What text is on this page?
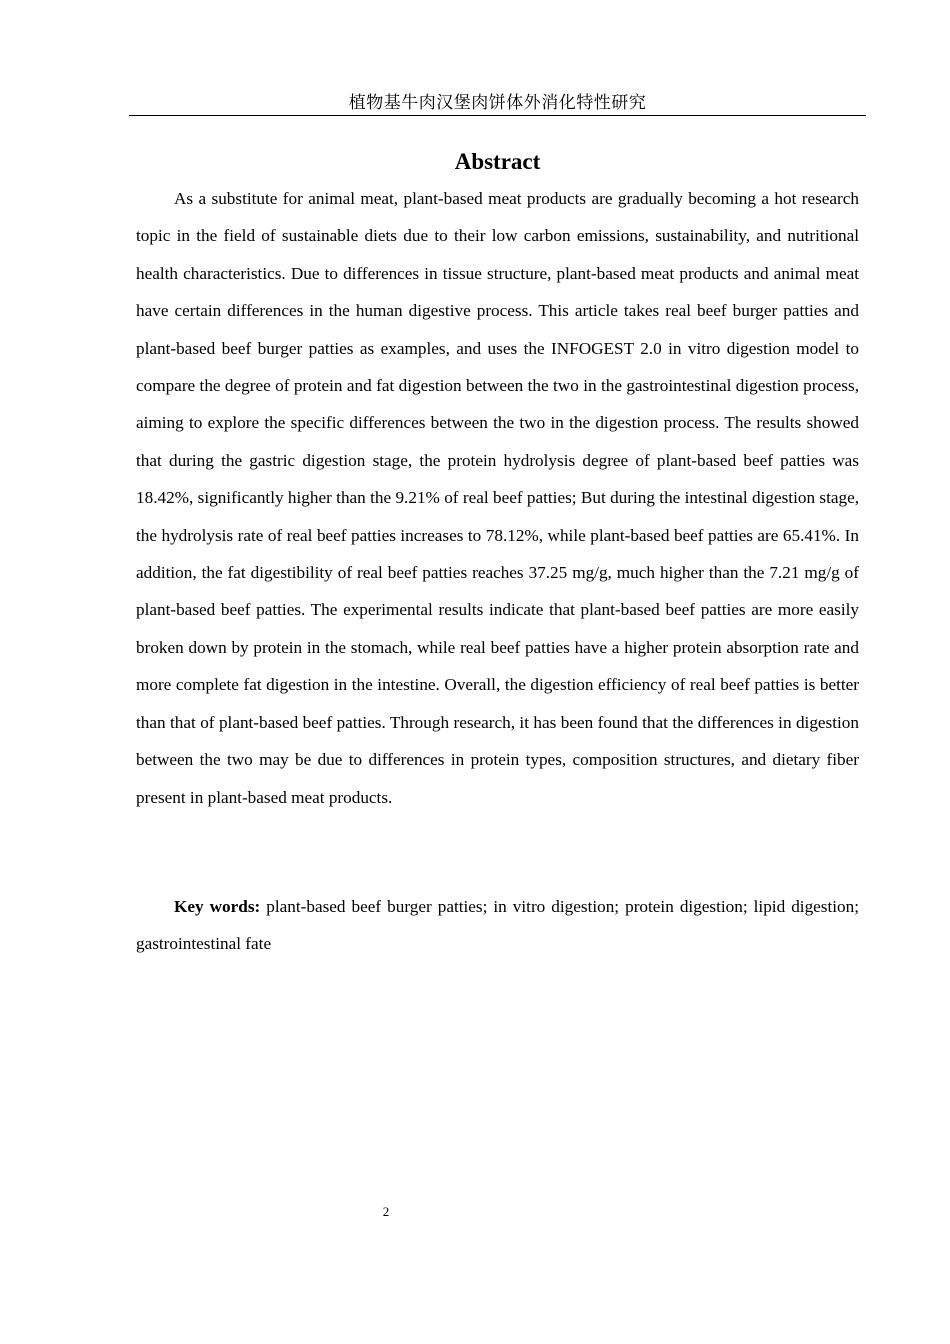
植物基牛肉汉堡肉饼体外消化特性研究
Abstract

As a substitute for animal meat, plant-based meat products are gradually becoming a hot research topic in the field of sustainable diets due to their low carbon emissions, sustainability, and nutritional health characteristics. Due to differences in tissue structure, plant-based meat products and animal meat have certain differences in the human digestive process. This article takes real beef burger patties and plant-based beef burger patties as examples, and uses the INFOGEST 2.0 in vitro digestion model to compare the degree of protein and fat digestion between the two in the gastrointestinal digestion process, aiming to explore the specific differences between the two in the digestion process. The results showed that during the gastric digestion stage, the protein hydrolysis degree of plant-based beef patties was 18.42%, significantly higher than the 9.21% of real beef patties; But during the intestinal digestion stage, the hydrolysis rate of real beef patties increases to 78.12%, while plant-based beef patties are 65.41%. In addition, the fat digestibility of real beef patties reaches 37.25 mg/g, much higher than the 7.21 mg/g of plant-based beef patties. The experimental results indicate that plant-based beef patties are more easily broken down by protein in the stomach, while real beef patties have a higher protein absorption rate and more complete fat digestion in the intestine. Overall, the digestion efficiency of real beef patties is better than that of plant-based beef patties. Through research, it has been found that the differences in digestion between the two may be due to differences in protein types, composition structures, and dietary fiber present in plant-based meat products.

Key words: plant-based beef burger patties; in vitro digestion; protein digestion; lipid digestion; gastrointestinal fate

2
